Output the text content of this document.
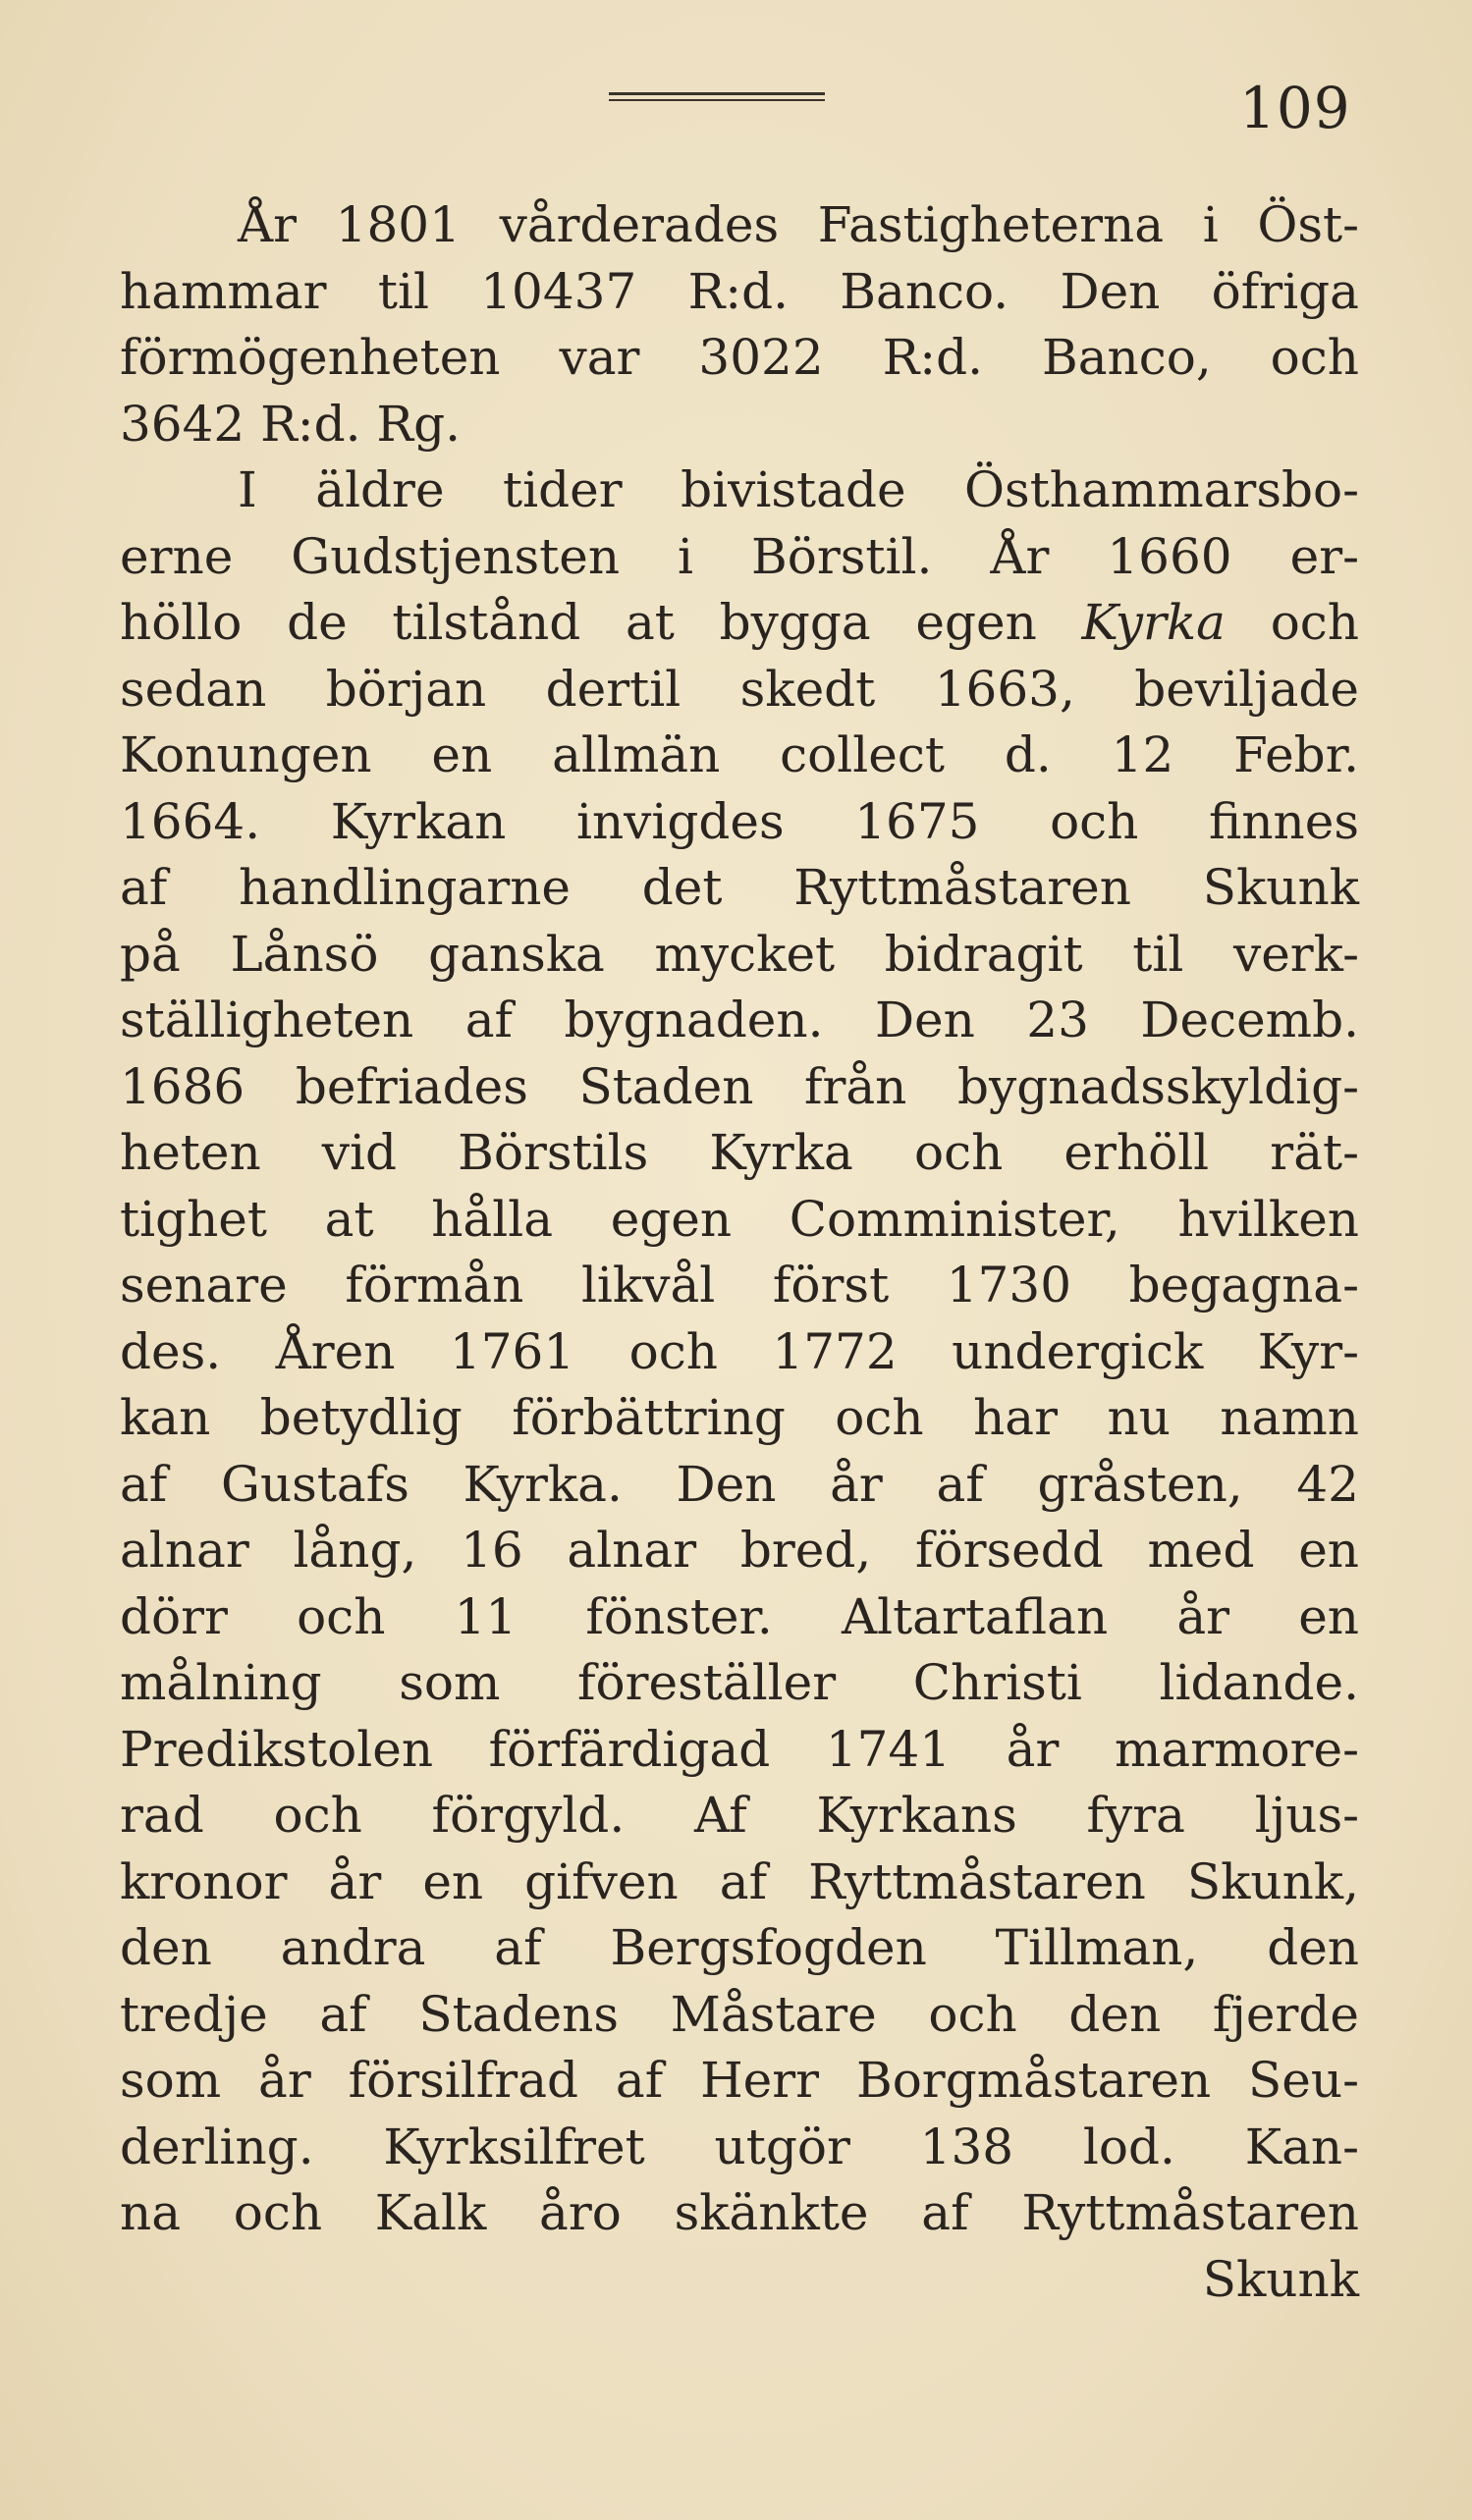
109
År 1801 vårderades Fastigheterna i Öst-
hammar til 10437 R:d. Banco. Den öfriga
förmögenheten var 3022 R:d. Banco, och
3642 R:d. Rg.
I äldre tider bivistade Östhammarsbo-
erne Gudstjensten i Börstil. År 1660 er-
höllo de tilstånd at bygga egen Kyrka och
sedan början dertil skedt 1663, beviljade
Konungen en allmän collect d. 12 Febr.
1664. Kyrkan invigdes 1675 och finnes
af handlingarne det Ryttmåstaren Skunk
på Lånsö ganska mycket bidragit til verk-
ställigheten af bygnaden. Den 23 Decemb.
1686 befriades Staden från bygnadsskyldig-
heten vid Börstils Kyrka och erhöll rät-
tighet at hålla egen Comminister, hvilken
senare förmån likvål först 1730 begagna-
des. Åren 1761 och 1772 undergick Kyr-
kan betydlig förbättring och har nu namn
af Gustafs Kyrka. Den år af gråsten, 42
alnar lång, 16 alnar bred, försedd med en
dörr och 11 fönster. Altartaflan år en
målning som föreställer Christi lidande.
Predikstolen förfärdigad 1741 år marmore-
rad och förgyld. Af Kyrkans fyra ljus-
kronor år en gifven af Ryttmåstaren Skunk,
den andra af Bergsfogden Tillman, den
tredje af Stadens Måstare och den fjerde
som år försilfrad af Herr Borgmåstaren Seu-
derling. Kyrksilfret utgör 138 lod. Kan-
na och Kalk åro skänkte af Ryttmåstaren
Skunk
